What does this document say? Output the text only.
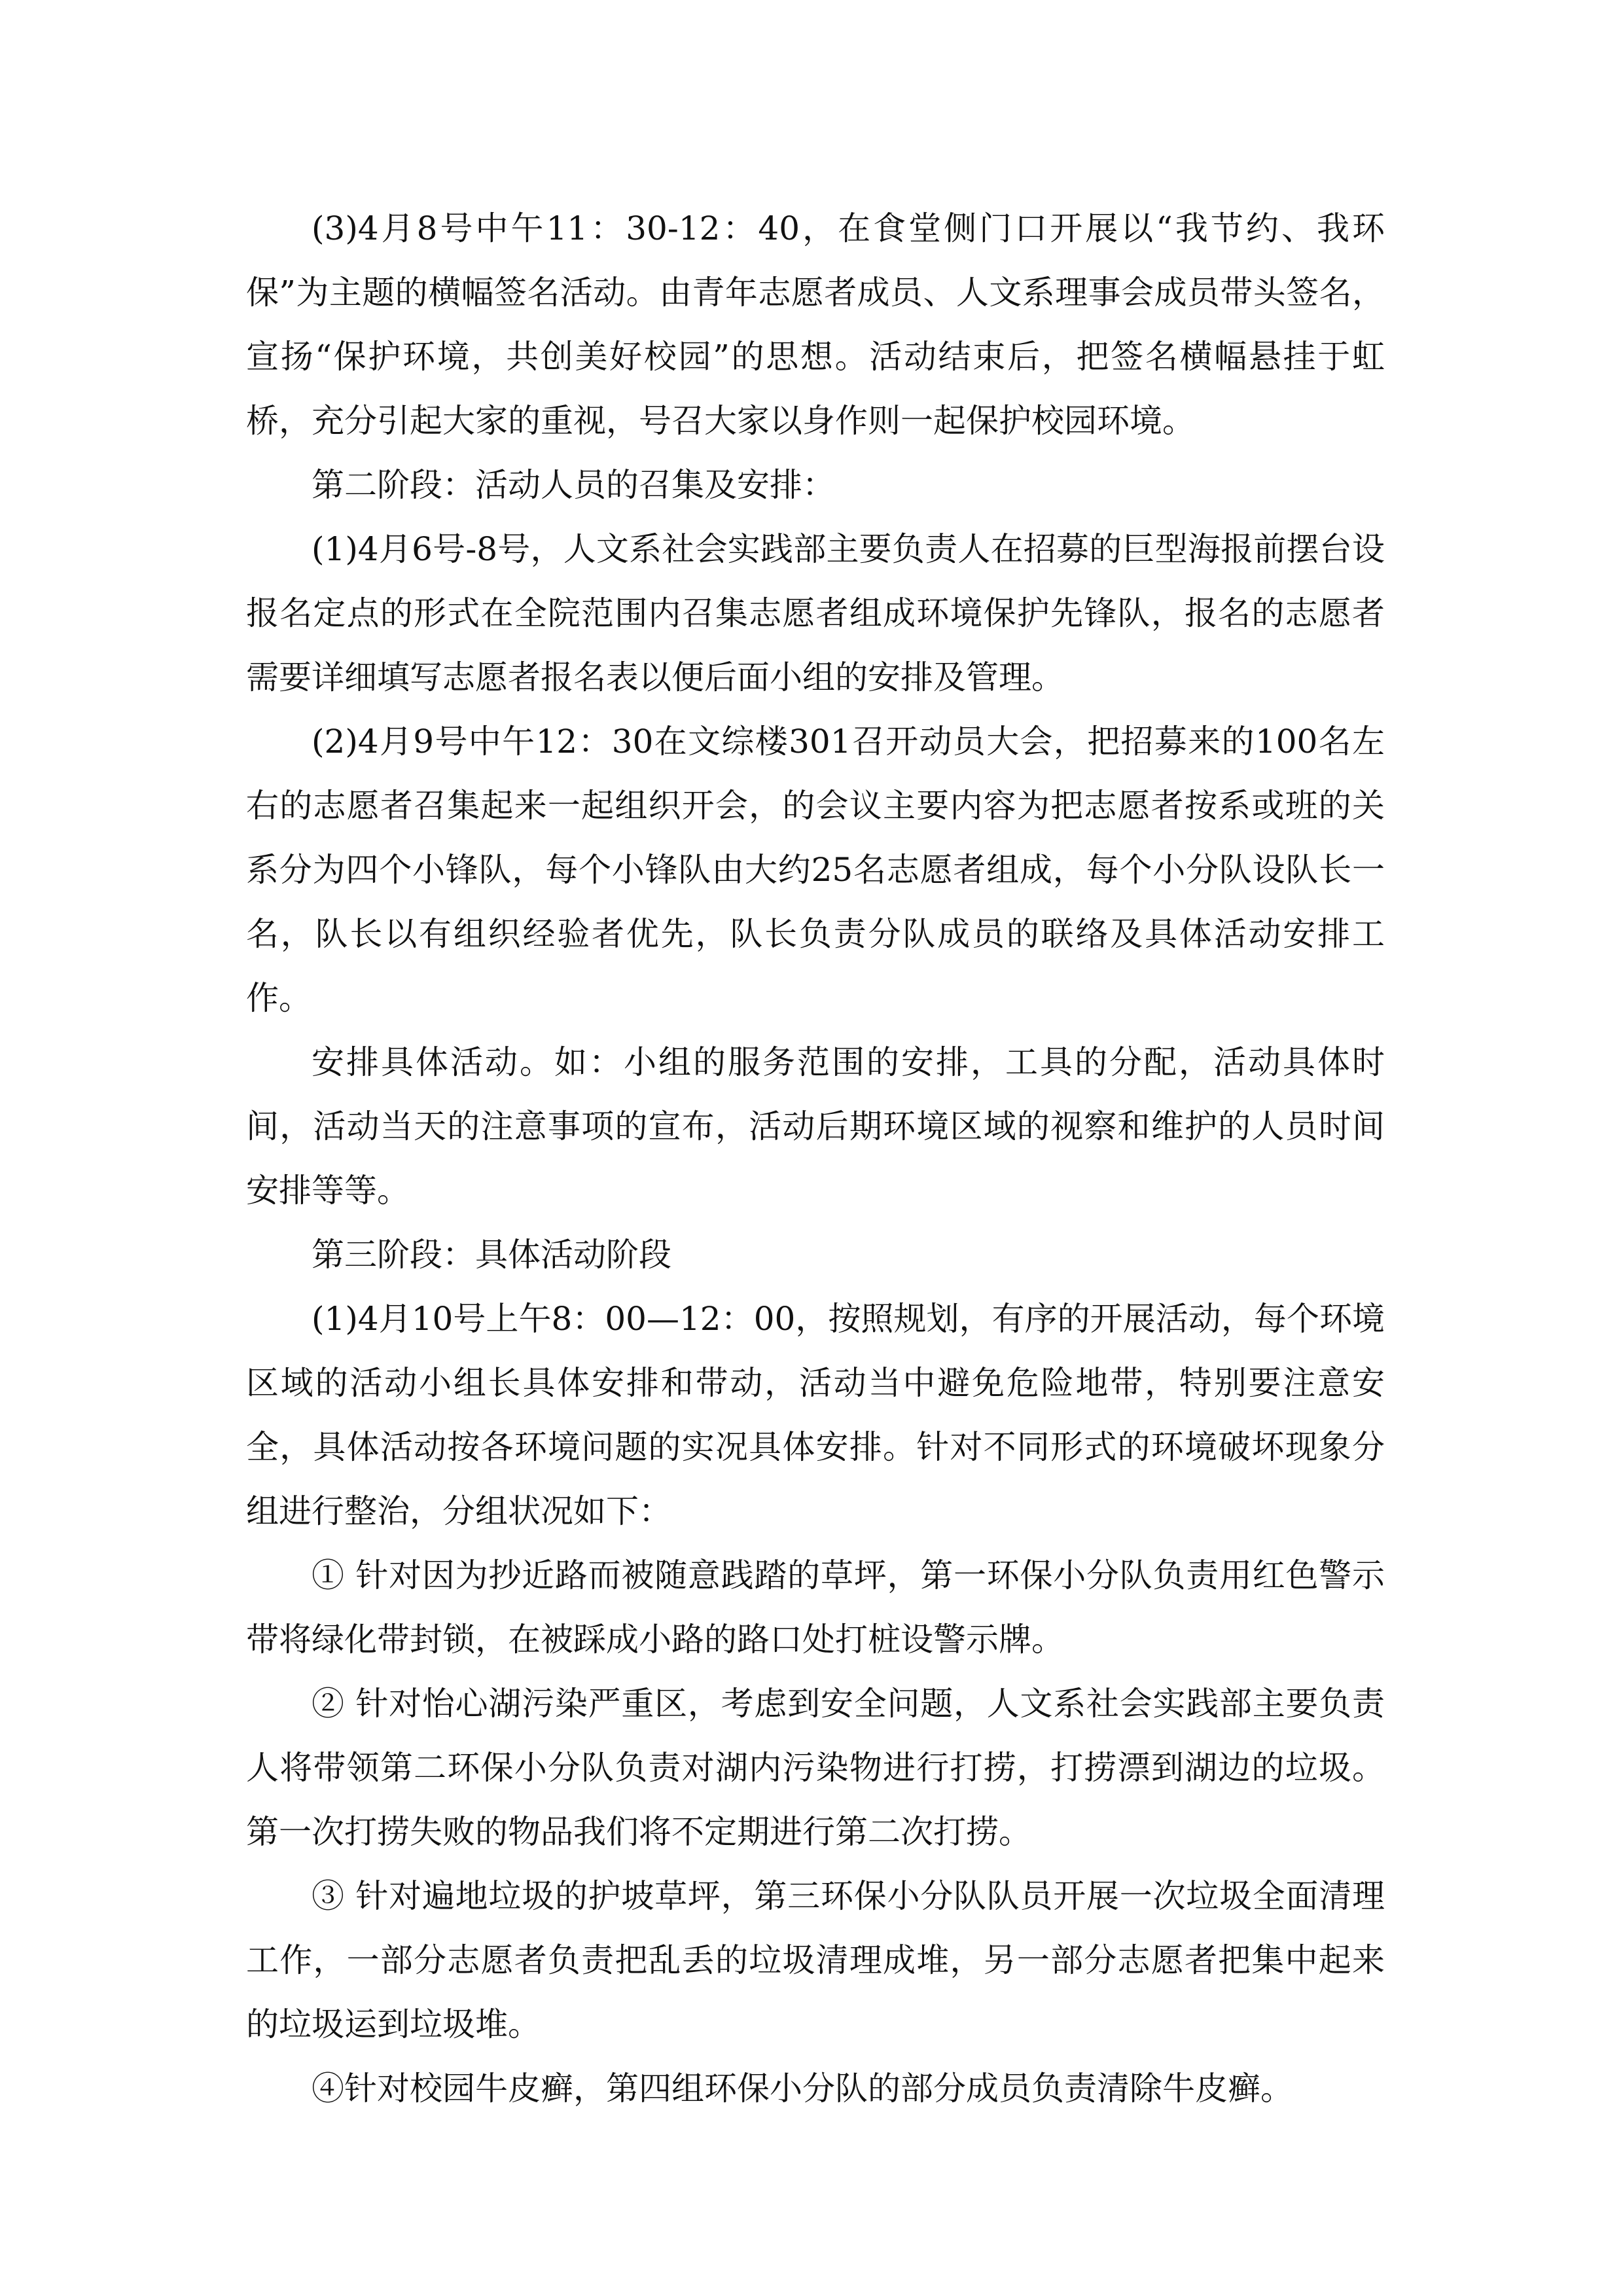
(3)4月8号中午11：30-12：40，在食堂侧门口开展以“我节约、我环保”为主题的横幅签名活动。由青年志愿者成员、人文系理事会成员带头签名，宣扬“保护环境，共创美好校园”的思想。活动结束后，把签名横幅悬挂于虹桥，充分引起大家的重视，号召大家以身作则一起保护校园环境。

第二阶段：活动人员的召集及安排：

(1)4月6号-8号，人文系社会实践部主要负责人在招募的巨型海报前摆台设报名定点的形式在全院范围内召集志愿者组成环境保护先锋队，报名的志愿者需要详细填写志愿者报名表以便后面小组的安排及管理。

(2)4月9号中午12：30在文综楼301召开动员大会，把招募来的100名左右的志愿者召集起来一起组织开会，的会议主要内容为把志愿者按系或班的关系分为四个小锋队，每个小锋队由大约25名志愿者组成，每个小分队设队长一名，队长以有组织经验者优先，队长负责分队成员的联络及具体活动安排工作。

安排具体活动。如：小组的服务范围的安排，工具的分配，活动具体时间，活动当天的注意事项的宣布，活动后期环境区域的视察和维护的人员时间安排等等。

第三阶段：具体活动阶段

(1)4月10号上午8：00—12：00，按照规划，有序的开展活动，每个环境区域的活动小组长具体安排和带动，活动当中避免危险地带，特别要注意安全，具体活动按各环境问题的实况具体安排。针对不同形式的环境破坏现象分组进行整治，分组状况如下：

① 针对因为抄近路而被随意践踏的草坪，第一环保小分队负责用红色警示带将绿化带封锁，在被踩成小路的路口处打桩设警示牌。

② 针对怡心湖污染严重区，考虑到安全问题，人文系社会实践部主要负责人将带领第二环保小分队负责对湖内污染物进行打捞，打捞漂到湖边的垃圾。第一次打捞失败的物品我们将不定期进行第二次打捞。

③ 针对遍地垃圾的护坡草坪，第三环保小分队队员开展一次垃圾全面清理工作，一部分志愿者负责把乱丢的垃圾清理成堆，另一部分志愿者把集中起来的垃圾运到垃圾堆。

④针对校园牛皮癣，第四组环保小分队的部分成员负责清除牛皮癣。
